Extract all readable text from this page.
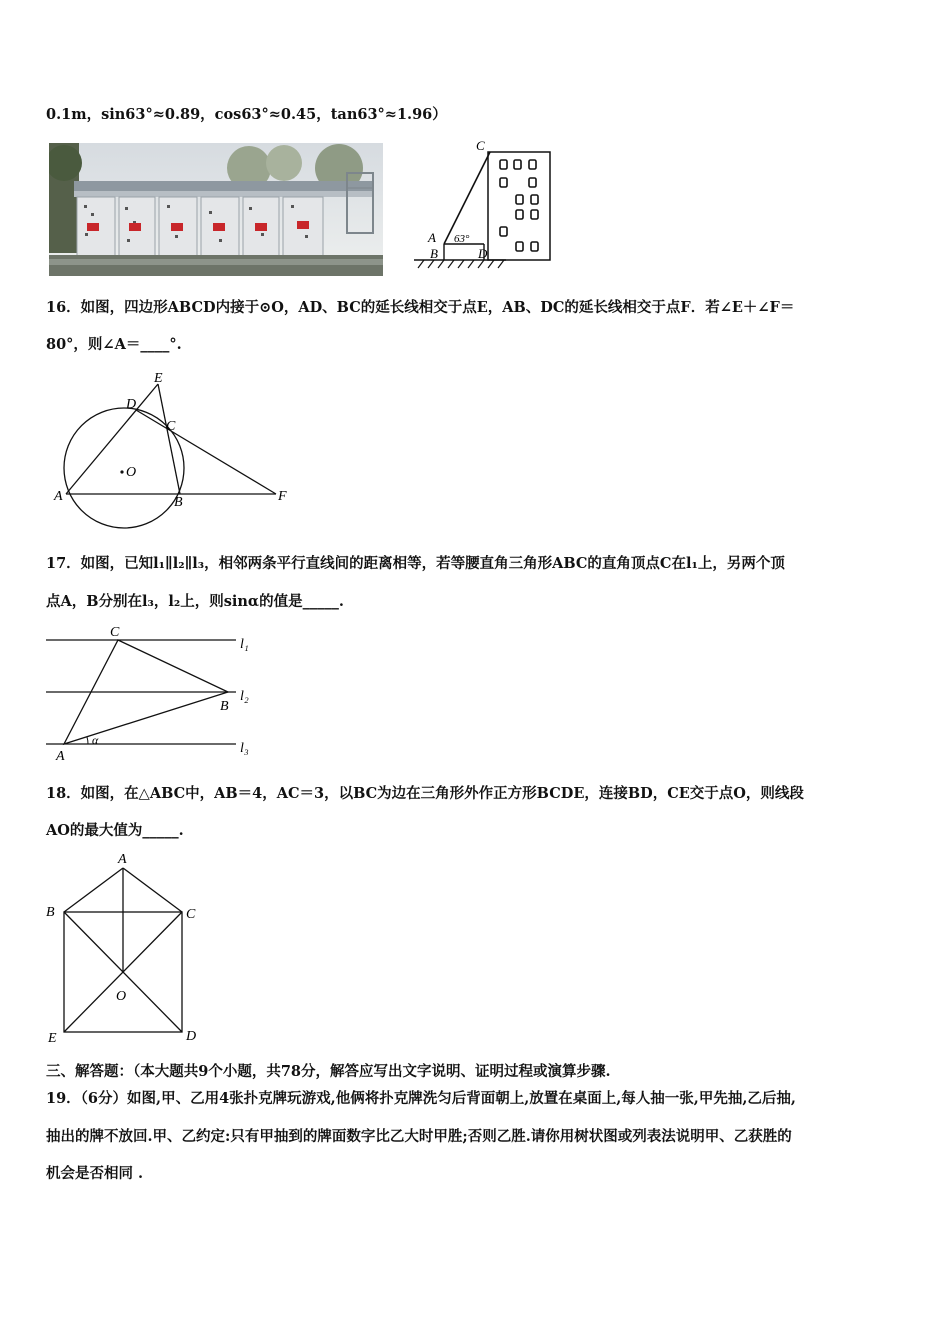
0.1m，sin63°≈0.89，cos63°≈0.45，tan63°≈1.96）
C
A
B	D
63°
16．如图，四边形ABCD内接于⊙O，AD、BC的延长线相交于点E，AB、DC的延长线相交于点F．若∠E＋∠F＝
80°，则∠A＝____°.
E
D
C
O
A	B	F
17．如图，已知l₁∥l₂∥l₃，相邻两条平行直线间的距离相等，若等腰直角三角形ABC的直角顶点C在l₁上，另两个顶
点A，B分别在l₃，l₂上，则sinα的值是_____.
C
B
A
α
l₁
l₂
l₃
18．如图，在△ABC中，AB＝4，AC＝3，以BC为边在三角形外作正方形BCDE，连接BD，CE交于点O，则线段
AO的最大值为_____.
A
B	C
O
E	D
三、解答题：（本大题共9个小题，共78分，解答应写出文字说明、证明过程或演算步骤.
19．（6分）如图,甲、乙用4张扑克牌玩游戏,他俩将扑克牌洗匀后背面朝上,放置在桌面上,每人抽一张,甲先抽,乙后抽,
抽出的牌不放回.甲、乙约定:只有甲抽到的牌面数字比乙大时甲胜;否则乙胜.请你用树状图或列表法说明甲、乙获胜的
机会是否相同 .
